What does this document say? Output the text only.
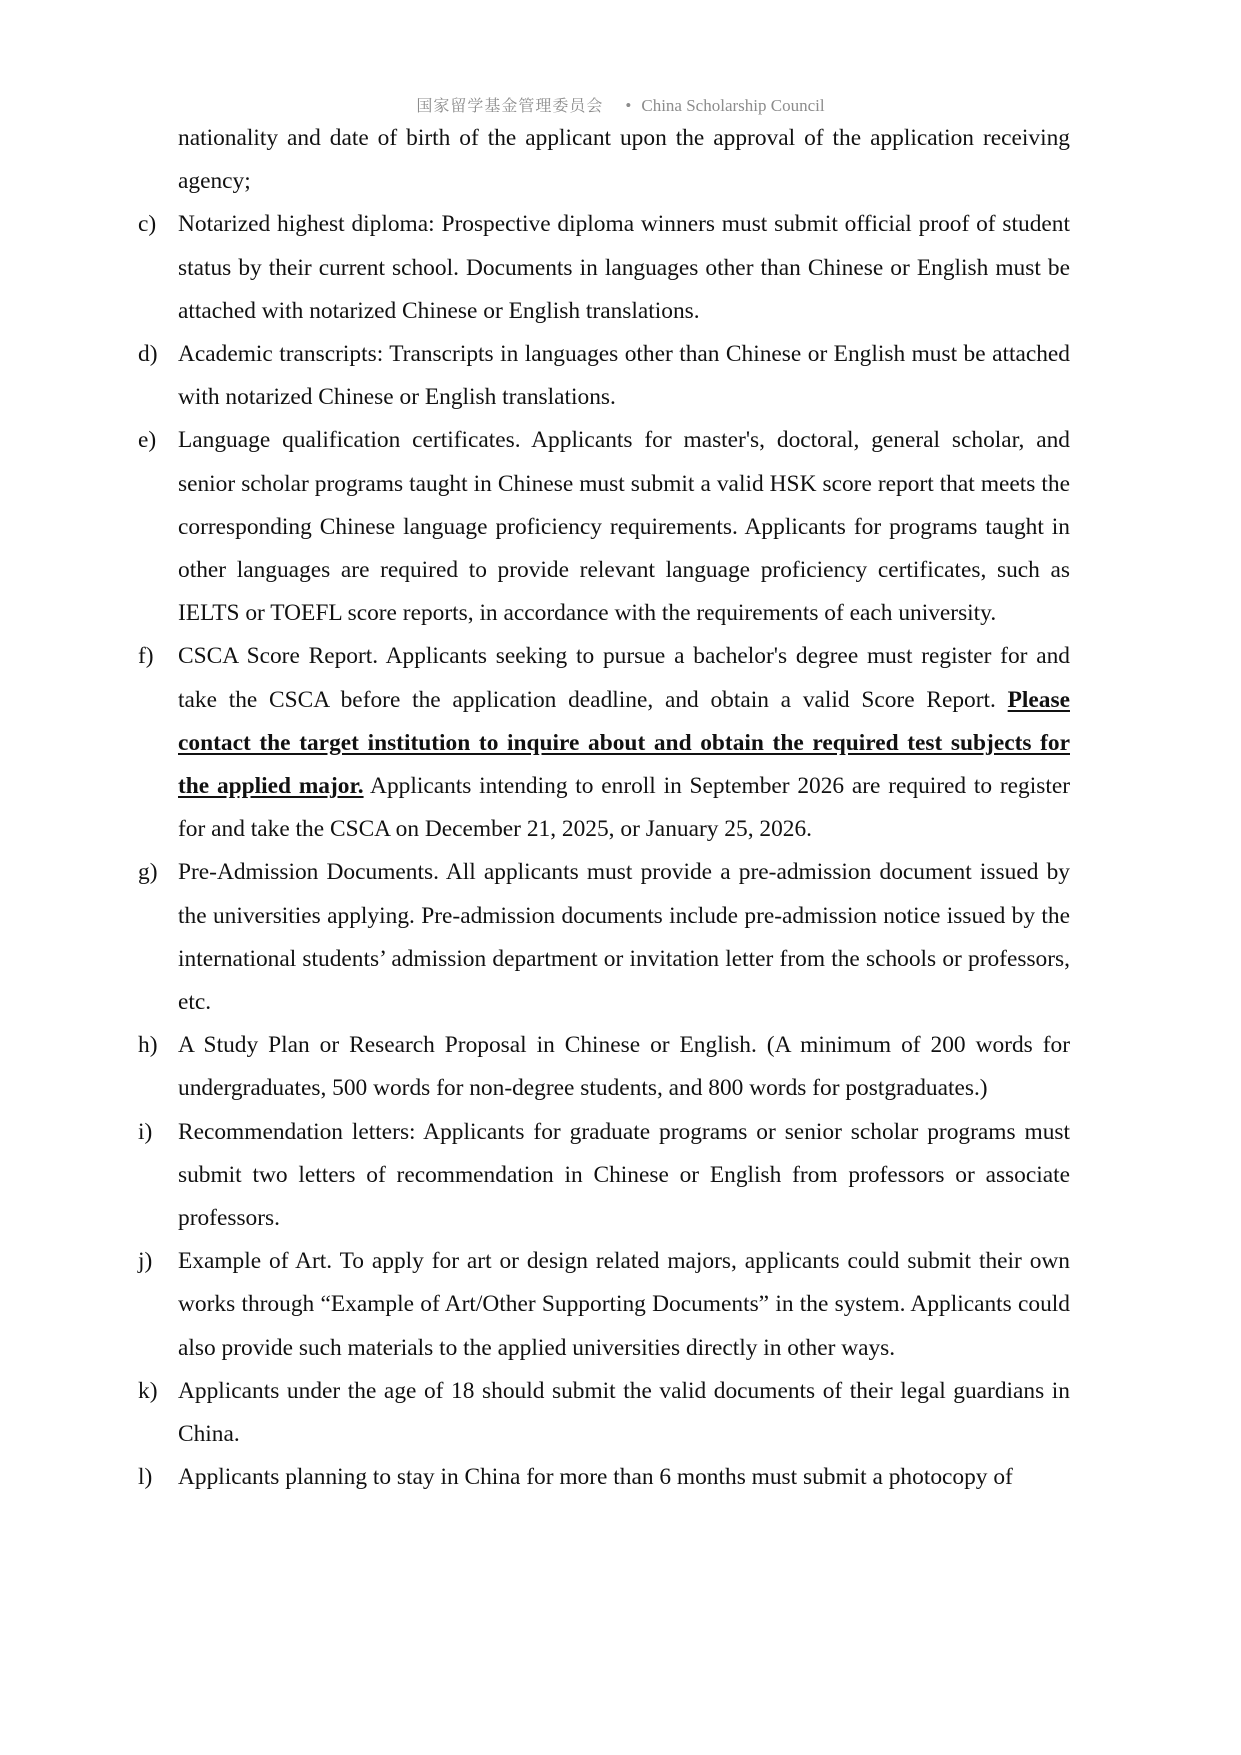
国家留学基金管理委员会 • China Scholarship Council
nationality and date of birth of the applicant upon the approval of the application receiving agency;
c) Notarized highest diploma: Prospective diploma winners must submit official proof of student status by their current school. Documents in languages other than Chinese or English must be attached with notarized Chinese or English translations.
d) Academic transcripts: Transcripts in languages other than Chinese or English must be attached with notarized Chinese or English translations.
e) Language qualification certificates. Applicants for master's, doctoral, general scholar, and senior scholar programs taught in Chinese must submit a valid HSK score report that meets the corresponding Chinese language proficiency requirements. Applicants for programs taught in other languages are required to provide relevant language proficiency certificates, such as IELTS or TOEFL score reports, in accordance with the requirements of each university.
f)	CSCA Score Report. Applicants seeking to pursue a bachelor's degree must register for and take the CSCA before the application deadline, and obtain a valid Score Report. Please contact the target institution to inquire about and obtain the required test subjects for the applied major. Applicants intending to enroll in September 2026 are required to register for and take the CSCA on December 21, 2025, or January 25, 2026.
g) Pre-Admission Documents. All applicants must provide a pre-admission document issued by the universities applying. Pre-admission documents include pre-admission notice issued by the international students’ admission department or invitation letter from the schools or professors, etc.
h) A Study Plan or Research Proposal in Chinese or English. (A minimum of 200 words for undergraduates, 500 words for non-degree students, and 800 words for postgraduates.)
i)	Recommendation letters: Applicants for graduate programs or senior scholar programs must submit two letters of recommendation in Chinese or English from professors or associate professors.
j)	Example of Art. To apply for art or design related majors, applicants could submit their own works through “Example of Art/Other Supporting Documents” in the system. Applicants could also provide such materials to the applied universities directly in other ways.
k) Applicants under the age of 18 should submit the valid documents of their legal guardians in China.
l)	Applicants planning to stay in China for more than 6 months must submit a photocopy of
